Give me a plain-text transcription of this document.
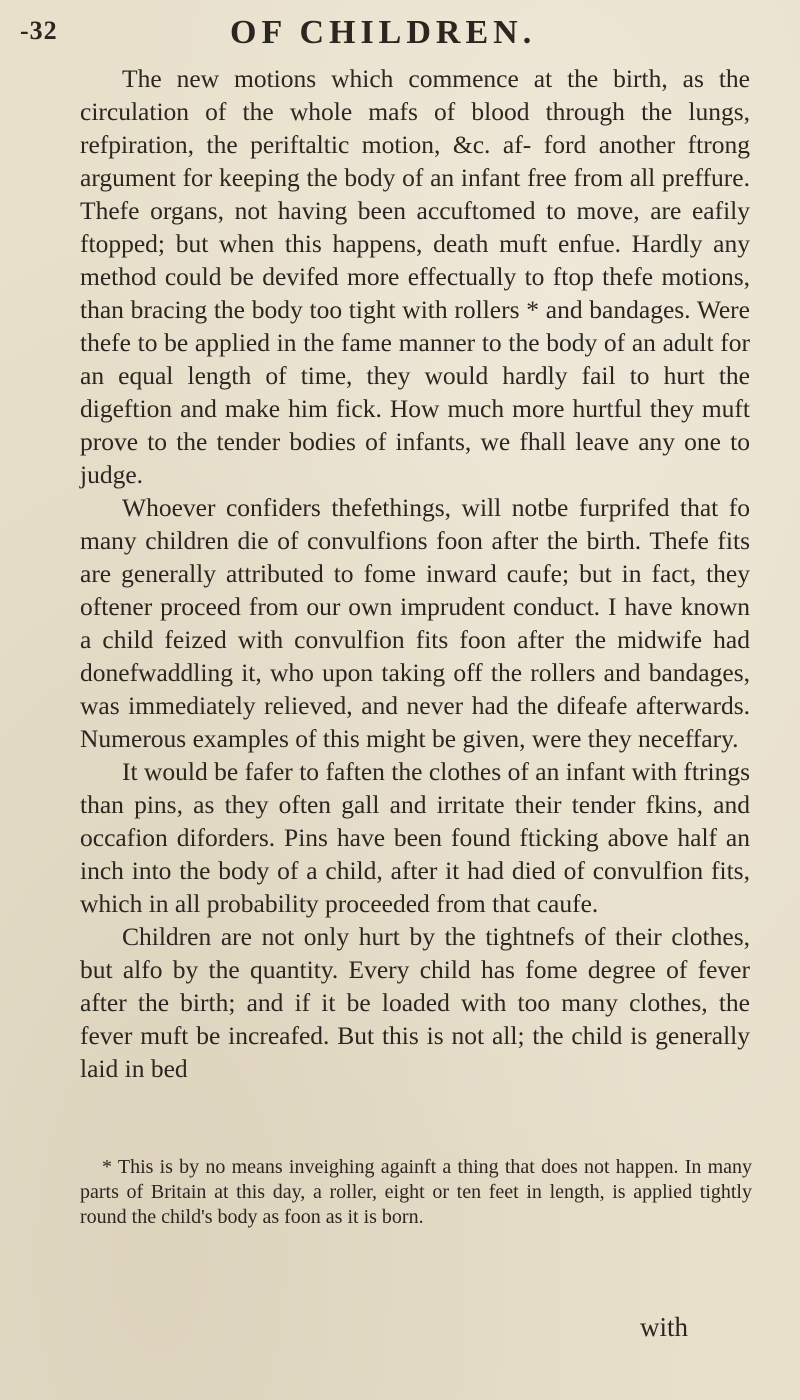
-32	OF CHILDREN.

The new motions which commence at the birth, as the circulation of the whole mafs of blood through the lungs, refpiration, the periftaltic motion, &c. af- ford another ftrong argument for keeping the body of an infant free from all preffure. Thefe organs, not having been accuftomed to move, are eafily ftopped; but when this happens, death muft enfue. Hardly any method could be devifed more effectually to ftop thefe motions, than bracing the body too tight with rollers * and bandages. Were thefe to be applied in the fame manner to the body of an adult for an equal length of time, they would hardly fail to hurt the digeftion and make him fick. How much more hurtful they muft prove to the tender bodies of infants, we fhall leave any one to judge.

Whoever confiders thefethings, will notbe furprifed that fo many children die of convulfions foon after the birth. Thefe fits are generally attributed to fome inward caufe; but in fact, they oftener proceed from our own imprudent conduct. I have known a child feized with convulfion fits foon after the midwife had donefwaddling it, who upon taking off the rollers and bandages, was immediately relieved, and never had the difeafe afterwards. Numerous examples of this might be given, were they neceffary.

It would be fafer to faften the clothes of an infant with ftrings than pins, as they often gall and irritate their tender fkins, and occafion diforders. Pins have been found fticking above half an inch into the body of a child, after it had died of convulfion fits, which in all probability proceeded from that caufe.

Children are not only hurt by the tightnefs of their clothes, but alfo by the quantity. Every child has fome degree of fever after the birth; and if it be loaded with too many clothes, the fever muft be increafed. But this is not all; the child is generally laid in bed

* This is by no means inveighing againft a thing that does not happen. In many parts of Britain at this day, a roller, eight or ten feet in length, is applied tightly round the child's body as foon as it is born.

with
